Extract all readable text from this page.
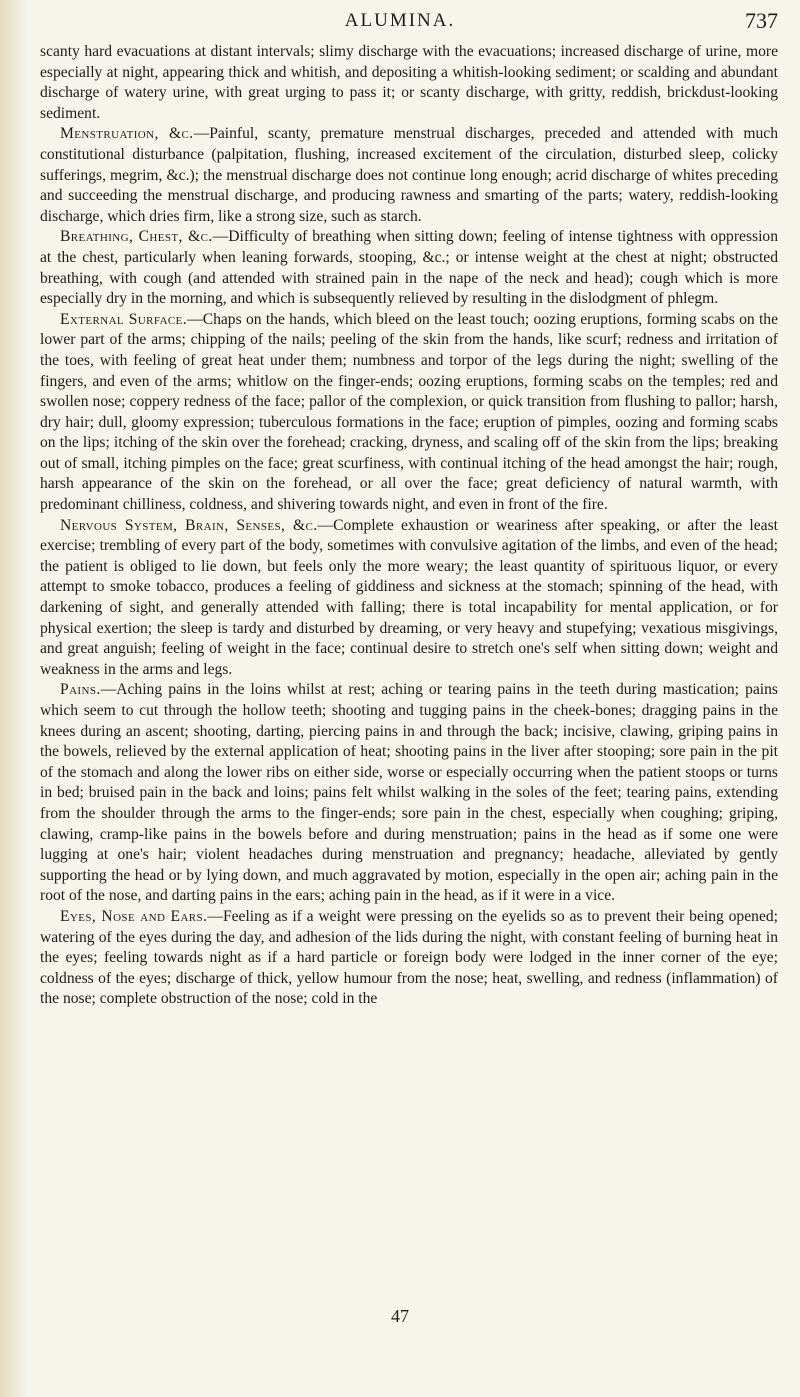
ALUMINA.	737

scanty hard evacuations at distant intervals; slimy discharge with the evacuations; increased discharge of urine, more especially at night, appearing thick and whitish, and depositing a whitish-looking sediment; or scalding and abundant discharge of watery urine, with great urging to pass it; or scanty discharge, with gritty, reddish, brickdust-looking sediment.

Menstruation, &c.—Painful, scanty, premature menstrual discharges, preceded and attended with much constitutional disturbance (palpitation, flushing, increased excitement of the circulation, disturbed sleep, colicky sufferings, megrim, &c.); the menstrual discharge does not continue long enough; acrid discharge of whites preceding and succeeding the menstrual discharge, and producing rawness and smarting of the parts; watery, reddish-looking discharge, which dries firm, like a strong size, such as starch.

Breathing, Chest, &c.—Difficulty of breathing when sitting down; feeling of intense tightness with oppression at the chest, particularly when leaning forwards, stooping, &c.; or intense weight at the chest at night; obstructed breathing, with cough (and attended with strained pain in the nape of the neck and head); cough which is more especially dry in the morning, and which is subsequently relieved by resulting in the dislodgment of phlegm.

External Surface.—Chaps on the hands, which bleed on the least touch; oozing eruptions, forming scabs on the lower part of the arms; chipping of the nails; peeling of the skin from the hands, like scurf; redness and irritation of the toes, with feeling of great heat under them; numbness and torpor of the legs during the night; swelling of the fingers, and even of the arms; whitlow on the finger-ends; oozing eruptions, forming scabs on the temples; red and swollen nose; coppery redness of the face; pallor of the complexion, or quick transition from flushing to pallor; harsh, dry hair; dull, gloomy expression; tuberculous formations in the face; eruption of pimples, oozing and forming scabs on the lips; itching of the skin over the forehead; cracking, dryness, and scaling off of the skin from the lips; breaking out of small, itching pimples on the face; great scurfiness, with continual itching of the head amongst the hair; rough, harsh appearance of the skin on the forehead, or all over the face; great deficiency of natural warmth, with predominant chilliness, coldness, and shivering towards night, and even in front of the fire.

Nervous System, Brain, Senses, &c.—Complete exhaustion or weariness after speaking, or after the least exercise; trembling of every part of the body, sometimes with convulsive agitation of the limbs, and even of the head; the patient is obliged to lie down, but feels only the more weary; the least quantity of spirituous liquor, or every attempt to smoke tobacco, produces a feeling of giddiness and sickness at the stomach; spinning of the head, with darkening of sight, and generally attended with falling; there is total incapability for mental application, or for physical exertion; the sleep is tardy and disturbed by dreaming, or very heavy and stupefying; vexatious misgivings, and great anguish; feeling of weight in the face; continual desire to stretch one's self when sitting down; weight and weakness in the arms and legs.

Pains.—Aching pains in the loins whilst at rest; aching or tearing pains in the teeth during mastication; pains which seem to cut through the hollow teeth; shooting and tugging pains in the cheek-bones; dragging pains in the knees during an ascent; shooting, darting, piercing pains in and through the back; incisive, clawing, griping pains in the bowels, relieved by the external application of heat; shooting pains in the liver after stooping; sore pain in the pit of the stomach and along the lower ribs on either side, worse or especially occurring when the patient stoops or turns in bed; bruised pain in the back and loins; pains felt whilst walking in the soles of the feet; tearing pains, extending from the shoulder through the arms to the finger-ends; sore pain in the chest, especially when coughing; griping, clawing, cramp-like pains in the bowels before and during menstruation; pains in the head as if some one were lugging at one's hair; violent headaches during menstruation and pregnancy; headache, alleviated by gently supporting the head or by lying down, and much aggravated by motion, especially in the open air; aching pain in the root of the nose, and darting pains in the ears; aching pain in the head, as if it were in a vice.

Eyes, Nose and Ears.—Feeling as if a weight were pressing on the eyelids so as to prevent their being opened; watering of the eyes during the day, and adhesion of the lids during the night, with constant feeling of burning heat in the eyes; feeling towards night as if a hard particle or foreign body were lodged in the inner corner of the eye; coldness of the eyes; discharge of thick, yellow humour from the nose; heat, swelling, and redness (inflammation) of the nose; complete obstruction of the nose; cold in the

47
